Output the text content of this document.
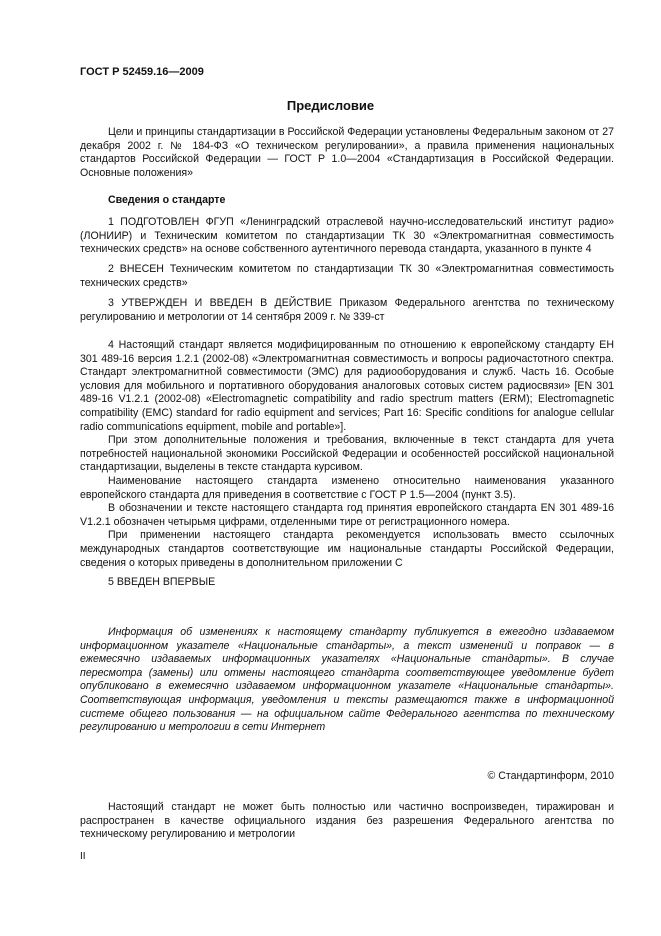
ГОСТ Р 52459.16—2009
Предисловие

Цели и принципы стандартизации в Российской Федерации установлены Федеральным законом от 27 декабря 2002 г. № 184-ФЗ «О техническом регулировании», а правила применения национальных стандартов Российской Федерации — ГОСТ Р 1.0—2004 «Стандартизация в Российской Федерации. Основные положения»

Сведения о стандарте

1 ПОДГОТОВЛЕН ФГУП «Ленинградский отраслевой научно-исследовательский институт радио» (ЛОНИИР) и Техническим комитетом по стандартизации ТК 30 «Электромагнитная совместимость технических средств» на основе собственного аутентичного перевода стандарта, указанного в пункте 4

2 ВНЕСЕН Техническим комитетом по стандартизации ТК 30 «Электромагнитная совместимость технических средств»

3 УТВЕРЖДЕН И ВВЕДЕН В ДЕЙСТВИЕ Приказом Федерального агентства по техническому регулированию и метрологии от 14 сентября 2009 г. № 339-ст

4 Настоящий стандарт является модифицированным по отношению к европейскому стандарту ЕН 301 489-16 версия 1.2.1 (2002-08) «Электромагнитная совместимость и вопросы радиочастотного спектра. Стандарт электромагнитной совместимости (ЭМС) для радиооборудования и служб. Часть 16. Особые условия для мобильного и портативного оборудования аналоговых сотовых систем радиосвязи» [EN 301 489-16 V1.2.1 (2002-08) «Electromagnetic compatibility and radio spectrum matters (ERM); Electromagnetic compatibility (EMC) standard for radio equipment and services; Part 16: Specific conditions for analogue cellular radio communications equipment, mobile and portable»].

При этом дополнительные положения и требования, включенные в текст стандарта для учета потребностей национальной экономики Российской Федерации и особенностей российской национальной стандартизации, выделены в тексте стандарта курсивом.

Наименование настоящего стандарта изменено относительно наименования указанного европейского стандарта для приведения в соответствие с ГОСТ Р 1.5—2004 (пункт 3.5).

В обозначении и тексте настоящего стандарта год принятия европейского стандарта EN 301 489-16 V1.2.1 обозначен четырьмя цифрами, отделенными тире от регистрационного номера.

При применении настоящего стандарта рекомендуется использовать вместо ссылочных международных стандартов соответствующие им национальные стандарты Российской Федерации, сведения о которых приведены в дополнительном приложении С

5 ВВЕДЕН ВПЕРВЫЕ

Информация об изменениях к настоящему стандарту публикуется в ежегодно издаваемом информационном указателе «Национальные стандарты», а текст изменений и поправок — в ежемесячно издаваемых информационных указателях «Национальные стандарты». В случае пересмотра (замены) или отмены настоящего стандарта соответствующее уведомление будет опубликовано в ежемесячно издаваемом информационном указателе «Национальные стандарты». Соответствующая информация, уведомления и тексты размещаются также в информационной системе общего пользования — на официальном сайте Федерального агентства по техническому регулированию и метрологии в сети Интернет

© Стандартинформ, 2010

Настоящий стандарт не может быть полностью или частично воспроизведен, тиражирован и распространен в качестве официального издания без разрешения Федерального агентства по техническому регулированию и метрологии

II
